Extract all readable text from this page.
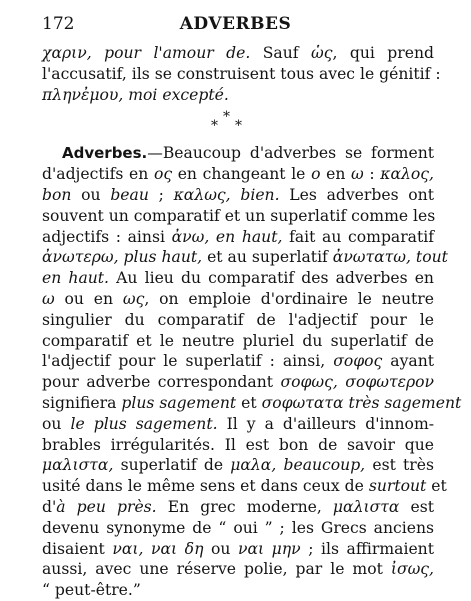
172	ADVERBES
χαριν, pour l'amour de. Sauf ὡς, qui prend
l'accusatif, ils se construisent tous avec le génitif :
πληνἐμου, moi excepté.
*
*
*
Adverbes.—Beaucoup d'adverbes se forment
d'adjectifs en ος en changeant le ο en ω : καλος,
bon ou beau ; καλως, bien. Les adverbes ont
souvent un comparatif et un superlatif comme les
adjectifs : ainsi ἀνω, en haut, fait au comparatif
ἀνωτερω, plus haut, et au superlatif ἀνωτατω, tout
en haut. Au lieu du comparatif des adverbes en
ω ou en ως, on emploie d'ordinaire le neutre
singulier du comparatif de l'adjectif pour le
comparatif et le neutre pluriel du superlatif de
l'adjectif pour le superlatif : ainsi, σοφος ayant
pour adverbe correspondant σοφως, σοφωτερον
signifiera plus sagement et σοφωτατα très sagement
ou le plus sagement. Il y a d'ailleurs d'innom-
brables irrégularités. Il est bon de savoir que
μαλιστα, superlatif de μαλα, beaucoup, est très
usité dans le même sens et dans ceux de surtout et
d'à peu près. En grec moderne, μαλιστα est
devenu synonyme de “ oui ” ; les Grecs anciens
disaient ναι, ναι δη ou ναι μην ; ils affirmaient
aussi, avec une réserve polie, par le mot ἰσως,
“ peut-être.”
